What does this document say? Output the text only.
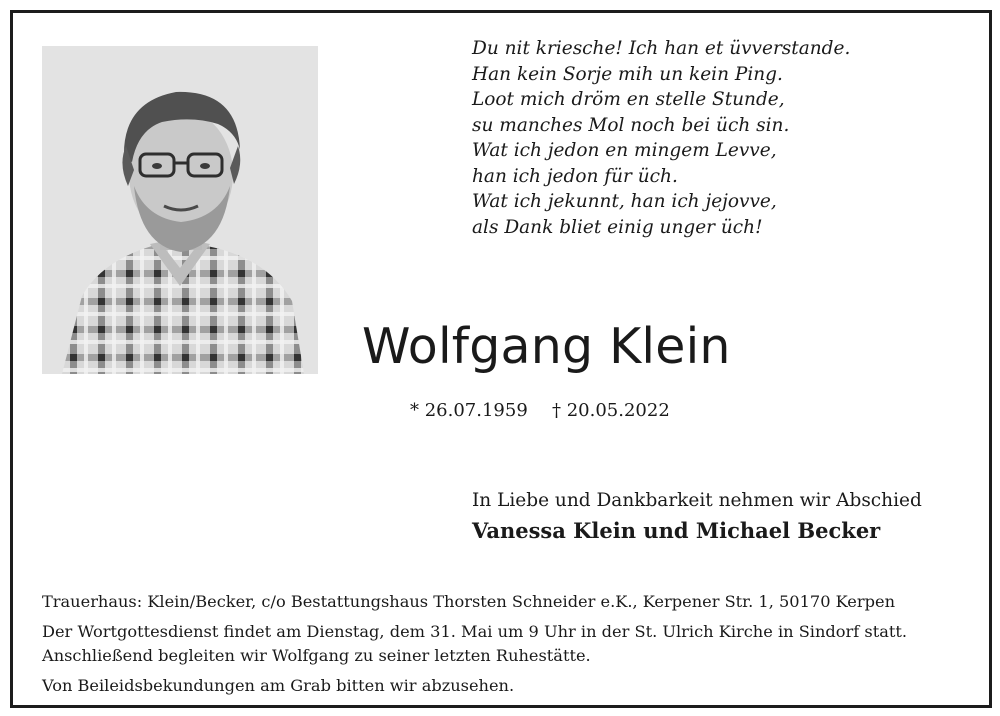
Du nit kriesche! Ich han et üvverstande.
Han kein Sorje mih un kein Ping.
Loot mich dröm en stelle Stunde,
su manches Mol noch bei üch sin.
Wat ich jedon en mingem Levve,
han ich jedon für üch.
Wat ich jekunnt, han ich jejovve,
als Dank bliet einig unger üch!
Wolfgang Klein
* 26.07.1959 † 20.05.2022
In Liebe und Dankbarkeit nehmen wir Abschied
Vanessa Klein und Michael Becker
Trauerhaus: Klein/Becker, c/o Bestattungshaus Thorsten Schneider e.K., Kerpener Str. 1, 50170 Kerpen
Der Wortgottesdienst findet am Dienstag, dem 31. Mai um 9 Uhr in der St. Ulrich Kirche in Sindorf statt.
Anschließend begleiten wir Wolfgang zu seiner letzten Ruhestätte.
Von Beileidsbekundungen am Grab bitten wir abzusehen.
